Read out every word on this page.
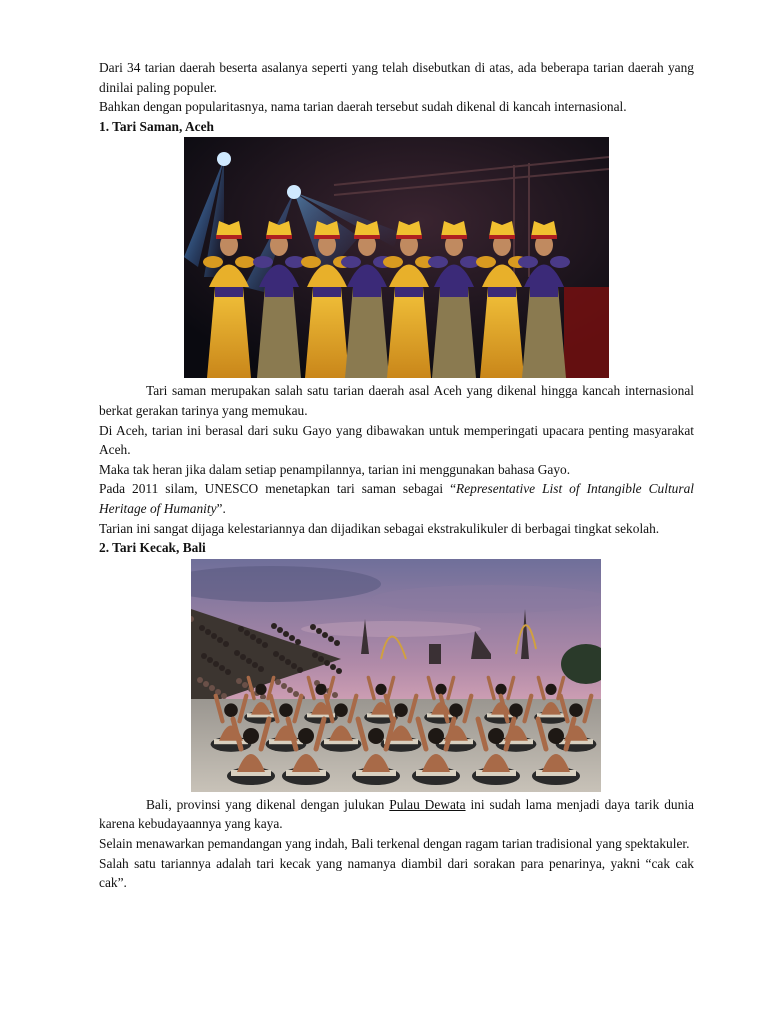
Dari 34 tarian daerah beserta asalanya seperti yang telah disebutkan di atas, ada beberapa tarian daerah yang dinilai paling populer.

Bahkan dengan popularitasnya, nama tarian daerah tersebut sudah dikenal di kancah internasional.

1. Tari Saman, Aceh

Tari saman merupakan salah satu tarian daerah asal Aceh yang dikenal hingga kancah internasional berkat gerakan tarinya yang memukau.

Di Aceh, tarian ini berasal dari suku Gayo yang dibawakan untuk memperingati upacara penting masyarakat Aceh.

Maka tak heran jika dalam setiap penampilannya, tarian ini menggunakan bahasa Gayo.

Pada 2011 silam, UNESCO menetapkan tari saman sebagai “Representative List of Intangible Cultural Heritage of Humanity”.

Tarian ini sangat dijaga kelestariannya dan dijadikan sebagai ekstrakulikuler di berbagai tingkat sekolah.

2. Tari Kecak, Bali

Bali, provinsi yang dikenal dengan julukan Pulau Dewata ini sudah lama menjadi daya tarik dunia karena kebudayaannya yang kaya.

Selain menawarkan pemandangan yang indah, Bali terkenal dengan ragam tarian tradisional yang spektakuler.

Salah satu tariannya adalah tari kecak yang namanya diambil dari sorakan para penarinya, yakni “cak cak cak”.
